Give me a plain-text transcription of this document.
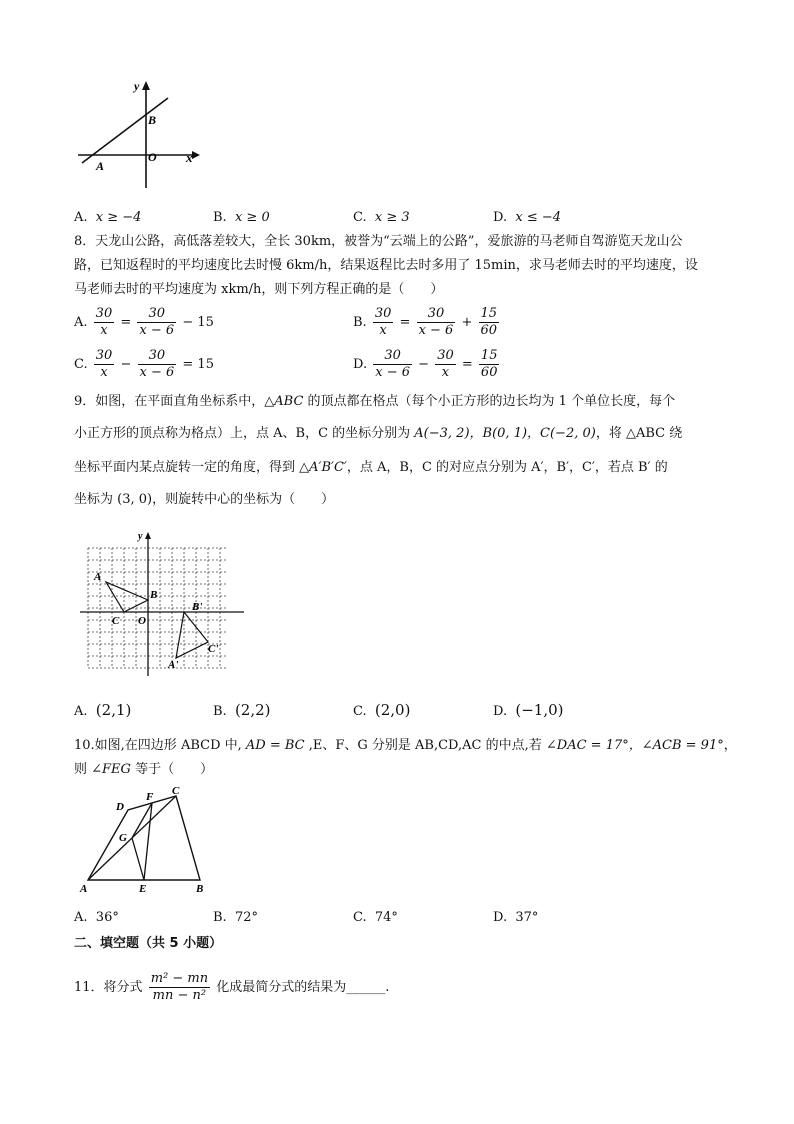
y
x
O
A
B
A. x ≥ −4	B. x ≥ 0	C. x ≥ 3	D. x ≤ −4
8．天龙山公路，高低落差较大，全长 30km，被誉为“云端上的公路”，爱旅游的马老师自驾游览天龙山公
路，已知返程时的平均速度比去时慢 6km/h，结果返程比去时多用了 15min，求马老师去时的平均速度，设
马老师去时的平均速度为 xkm/h，则下列方程正确的是（　　）
A. $\frac{30}{x} = \frac{30}{x - 6} - 15$	B. $\frac{30}{x} = \frac{30}{x - 6} + \frac{15}{60}$
C. $\frac{30}{x} - \frac{30}{x - 6} = 15$	D. $\frac{30}{x - 6} - \frac{30}{x} = \frac{15}{60}$
9．如图，在平面直角坐标系中，△ABC 的顶点都在格点（每个小正方形的边长均为 1 个单位长度，每个
小正方形的顶点称为格点）上，点 A、B，C 的坐标分别为 A(−3, 2)，B(0, 1)，C(−2, 0)，将 △ABC 绕
坐标平面内某点旋转一定的角度，得到 △A′B′C′，点 A，B，C 的对应点分别为 A′，B′，C′，若点 B′ 的
坐标为 (3, 0)，则旋转中心的坐标为（　　）
y
O
A
B
C
A'
B'
C'
A. (2,1)	B. (2,2)	C. (2,0)	D. (−1,0)
10.如图,在四边形 ABCD 中, AD = BC ,E、F、G 分别是 AB,CD,AC 的中点,若 ∠DAC = 17°，∠ACB = 91°，
则 ∠FEG 等于（　　）
A	B
C
D
E
F
G
A. 36°	B. 72°	C. 74°	D. 37°
二、填空题（共 5 小题）
11．将分式 $\frac{\text{m² − mn}}{\text{mn − n²}}$ 化成最简分式的结果为______.
